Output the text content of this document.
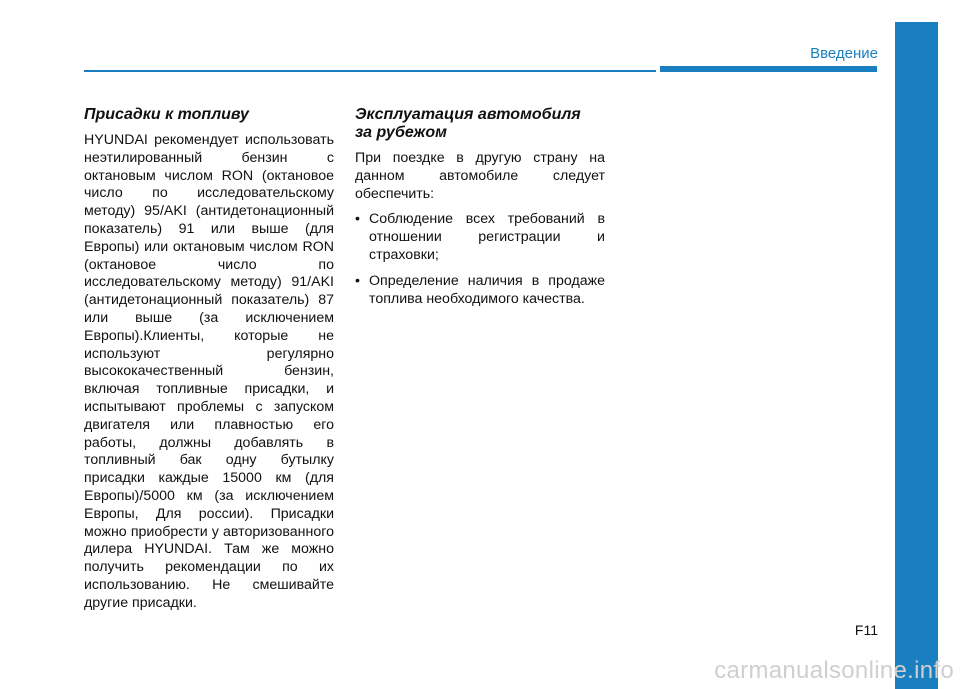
Введение
Присадки к топливу

HYUNDAI рекомендует использовать неэтилированный бензин с октановым числом RON (октановое число по исследовательскому методу) 95/AKI (антидетонационный показатель) 91 или выше (для Европы) или октановым числом RON (октановое число по исследовательскому методу) 91/AKI (антидетонационный показатель) 87 или выше (за исключением Европы).Клиенты, которые не используют регулярно высококачественный бензин, включая топливные присадки, и испытывают проблемы с запуском двигателя или плавностью его работы, должны добавлять в топливный бак одну бутылку присадки каждые 15000 км (для Европы)/5000 км (за исключением Европы, Для россии). Присадки можно приобрести у авторизованного дилера HYUNDAI. Там же можно получить рекомендации по их использованию. Не смешивайте другие присадки.

Эксплуатация автомобиля
за рубежом

При поездке в другую страну на данном автомобиле следует обеспечить:

• Соблюдение всех требований в отношении регистрации и страховки;
• Определение наличия в продаже топлива необходимого качества.
F11
carmanualsonline.info
